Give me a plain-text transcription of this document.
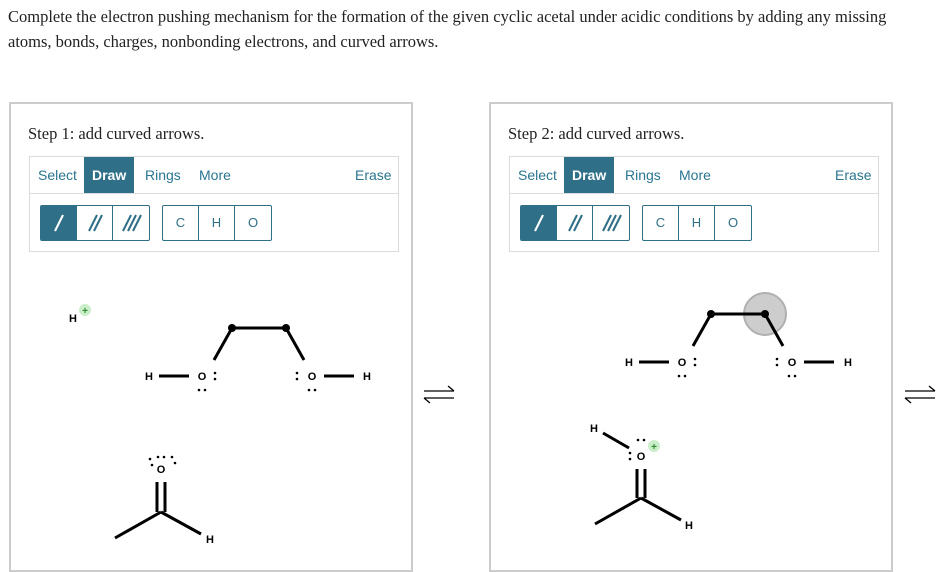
Complete the electron pushing mechanism for the formation of the given cyclic acetal under acidic conditions by adding any missing atoms, bonds, charges, nonbonding electrons, and curved arrows.
Step 1: add curved arrows.
Select	Draw	Rings	More	Erase
C	H	O
H
+
H	O	O	H
O
H
Step 2: add curved arrows.
Select	Draw	Rings	More	Erase
C	H	O
H	O	O	H
H
O
+
H
